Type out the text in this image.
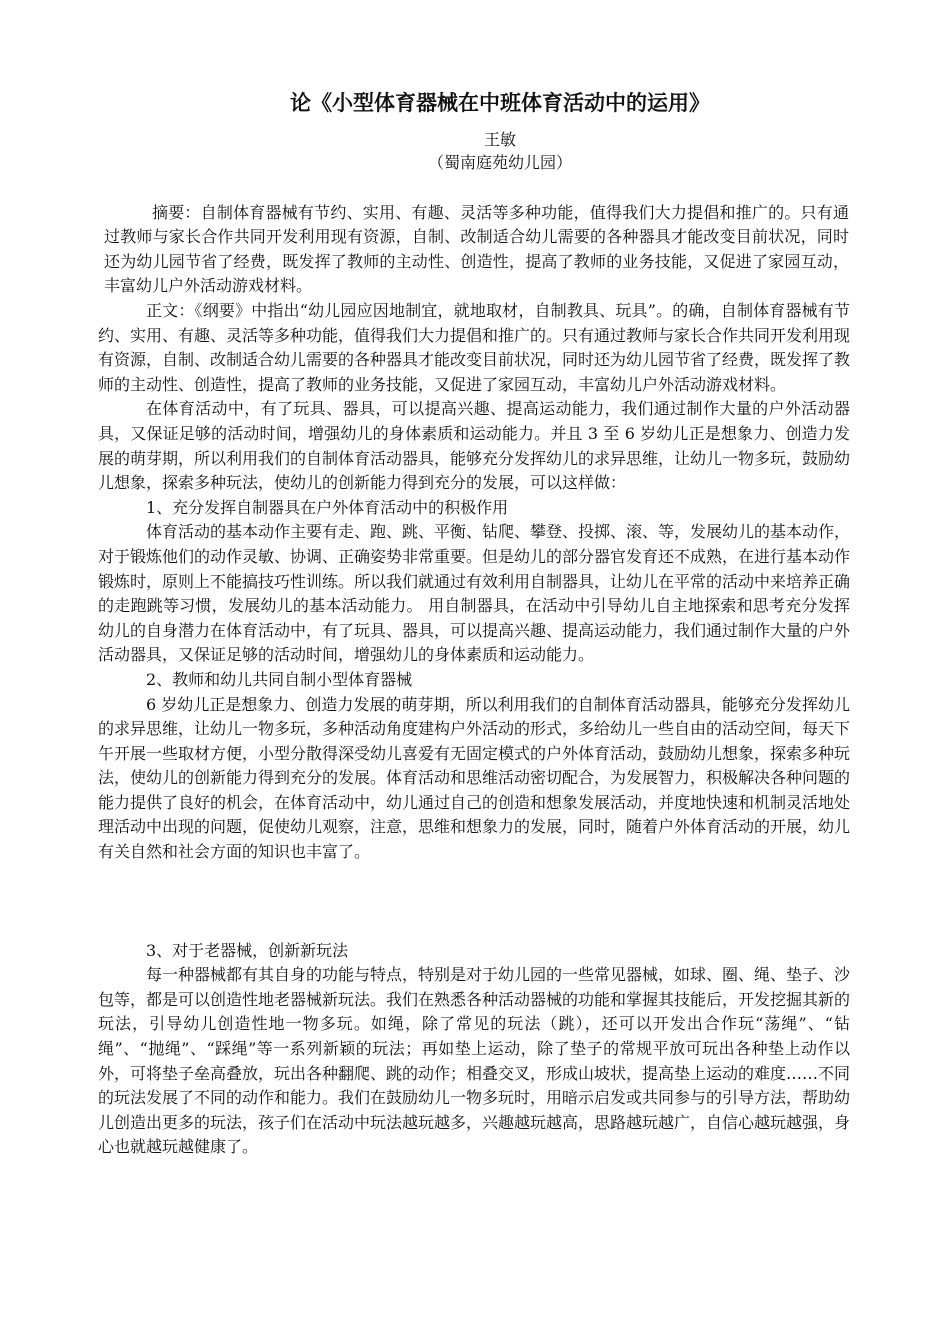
论《小型体育器械在中班体育活动中的运用》
王敏
（蜀南庭苑幼儿园）

摘要：自制体育器械有节约、实用、有趣、灵活等多种功能，值得我们大力提倡和推广的。只有通过教师与家长合作共同开发利用现有资源，自制、改制适合幼儿需要的各种器具才能改变目前状况，同时还为幼儿园节省了经费，既发挥了教师的主动性、创造性，提高了教师的业务技能，又促进了家园互动，丰富幼儿户外活动游戏材料。

正文：《纲要》中指出“幼儿园应因地制宜，就地取材，自制教具、玩具”。的确，自制体育器械有节约、实用、有趣、灵活等多种功能，值得我们大力提倡和推广的。只有通过教师与家长合作共同开发利用现有资源，自制、改制适合幼儿需要的各种器具才能改变目前状况，同时还为幼儿园节省了经费，既发挥了教师的主动性、创造性，提高了教师的业务技能，又促进了家园互动，丰富幼儿户外活动游戏材料。

在体育活动中，有了玩具、器具，可以提高兴趣、提高运动能力，我们通过制作大量的户外活动器具，又保证足够的活动时间，增强幼儿的身体素质和运动能力。并且 3 至 6 岁幼儿正是想象力、创造力发展的萌芽期，所以利用我们的自制体育活动器具，能够充分发挥幼儿的求异思维，让幼儿一物多玩，鼓励幼儿想象，探索多种玩法，使幼儿的创新能力得到充分的发展，可以这样做：

1、充分发挥自制器具在户外体育活动中的积极作用

体育活动的基本动作主要有走、跑、跳、平衡、钻爬、攀登、投掷、滚、等，发展幼儿的基本动作，对于锻炼他们的动作灵敏、协调、正确姿势非常重要。但是幼儿的部分器官发育还不成熟，在进行基本动作锻炼时，原则上不能搞技巧性训练。所以我们就通过有效利用自制器具，让幼儿在平常的活动中来培养正确的走跑跳等习惯，发展幼儿的基本活动能力。 用自制器具，在活动中引导幼儿自主地探索和思考充分发挥幼儿的自身潜力在体育活动中，有了玩具、器具，可以提高兴趣、提高运动能力，我们通过制作大量的户外活动器具，又保证足够的活动时间，增强幼儿的身体素质和运动能力。

2、教师和幼儿共同自制小型体育器械

6 岁幼儿正是想象力、创造力发展的萌芽期，所以利用我们的自制体育活动器具，能够充分发挥幼儿的求异思维，让幼儿一物多玩，多种活动角度建构户外活动的形式，多给幼儿一些自由的活动空间，每天下午开展一些取材方便，小型分散得深受幼儿喜爱有无固定模式的户外体育活动，鼓励幼儿想象，探索多种玩法，使幼儿的创新能力得到充分的发展。体育活动和思维活动密切配合，为发展智力，积极解决各种问题的能力提供了良好的机会，在体育活动中，幼儿通过自己的创造和想象发展活动，并度地快速和机制灵活地处理活动中出现的问题，促使幼儿观察，注意，思维和想象力的发展，同时，随着户外体育活动的开展，幼儿有关自然和社会方面的知识也丰富了。

3、对于老器械，创新新玩法

每一种器械都有其自身的功能与特点，特别是对于幼儿园的一些常见器械，如球、圈、绳、垫子、沙包等，都是可以创造性地老器械新玩法。我们在熟悉各种活动器械的功能和掌握其技能后，开发挖掘其新的玩法，引导幼儿创造性地一物多玩。如绳，除了常见的玩法（跳），还可以开发出合作玩“荡绳”、“钻绳”、“抛绳”、“踩绳”等一系列新颖的玩法；再如垫上运动，除了垫子的常规平放可玩出各种垫上动作以外，可将垫子垒高叠放，玩出各种翻爬、跳的动作；相叠交叉，形成山坡状，提高垫上运动的难度……不同的玩法发展了不同的动作和能力。我们在鼓励幼儿一物多玩时，用暗示启发或共同参与的引导方法，帮助幼儿创造出更多的玩法，孩子们在活动中玩法越玩越多，兴趣越玩越高，思路越玩越广，自信心越玩越强，身心也就越玩越健康了。
